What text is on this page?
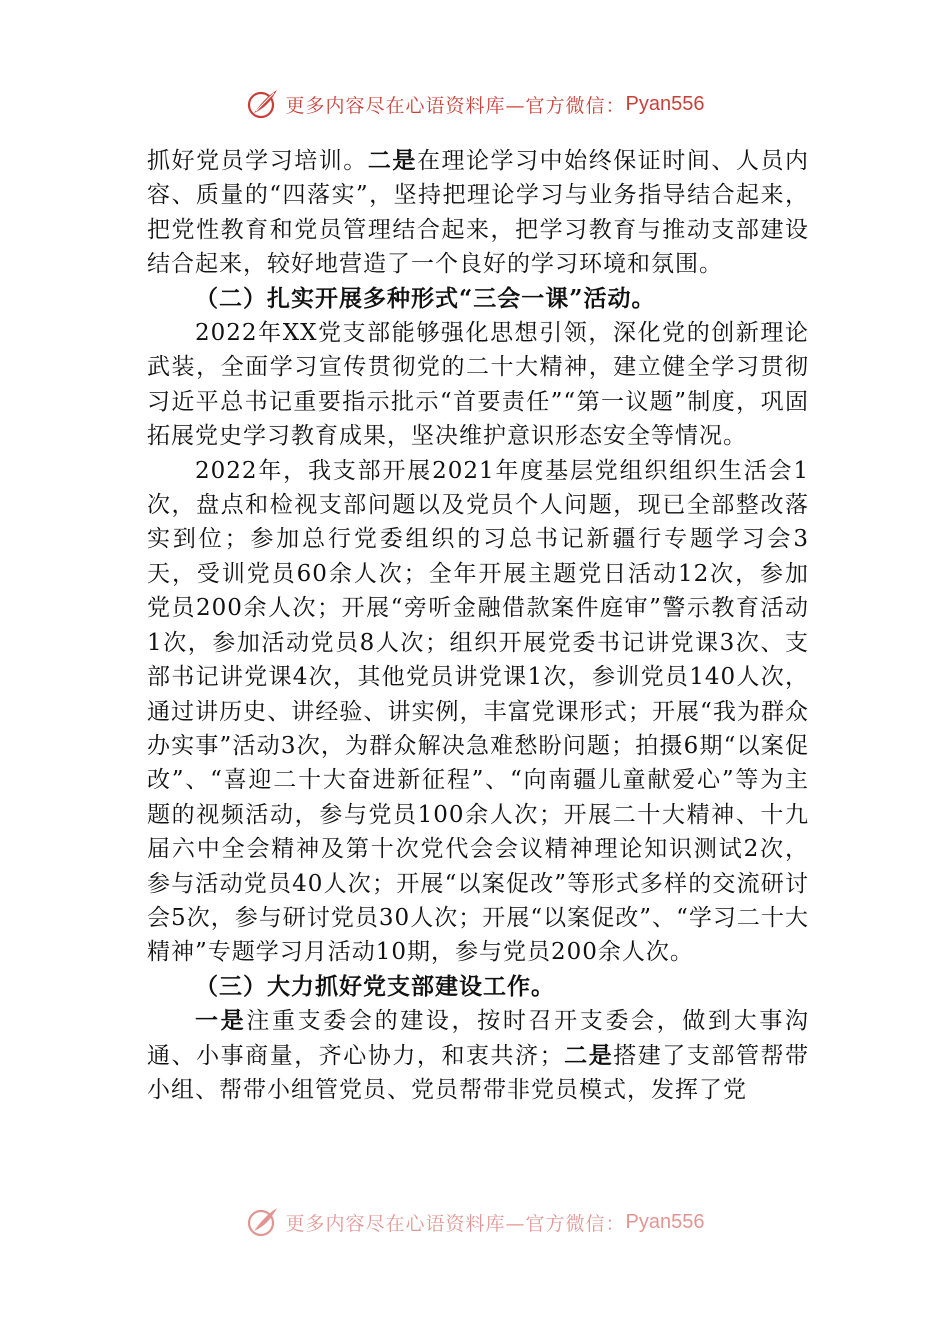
更多内容尽在心语资料库—官方微信： Pyan556

抓好党员学习培训。二是在理论学习中始终保证时间、人员内容、质量的“四落实”，坚持把理论学习与业务指导结合起来，把党性教育和党员管理结合起来，把学习教育与推动支部建设结合起来，较好地营造了一个良好的学习环境和氛围。

（二）扎实开展多种形式“三会一课”活动。

2022年XX党支部能够强化思想引领，深化党的创新理论武装，全面学习宣传贯彻党的二十大精神，建立健全学习贯彻习近平总书记重要指示批示“首要责任”“第一议题”制度，巩固拓展党史学习教育成果，坚决维护意识形态安全等情况。

2022年，我支部开展2021年度基层党组织组织生活会1次，盘点和检视支部问题以及党员个人问题，现已全部整改落实到位；参加总行党委组织的习总书记新疆行专题学习会3天，受训党员60余人次；全年开展主题党日活动12次，参加党员200余人次；开展“旁听金融借款案件庭审”警示教育活动1次，参加活动党员8人次；组织开展党委书记讲党课3次、支部书记讲党课4次，其他党员讲党课1次，参训党员140人次，通过讲历史、讲经验、讲实例，丰富党课形式；开展“我为群众办实事”活动3次，为群众解决急难愁盼问题；拍摄6期“以案促改”、“喜迎二十大奋进新征程”、“向南疆儿童献爱心”等为主题的视频活动，参与党员100余人次；开展二十大精神、十九届六中全会精神及第十次党代会会议精神理论知识测试2次，参与活动党员40人次；开展“以案促改”等形式多样的交流研讨会5次，参与研讨党员30人次；开展“以案促改”、“学习二十大精神”专题学习月活动10期，参与党员200余人次。

（三）大力抓好党支部建设工作。

一是注重支委会的建设，按时召开支委会，做到大事沟通、小事商量，齐心协力，和衷共济；二是搭建了支部管帮带小组、帮带小组管党员、党员帮带非党员模式，发挥了党

更多内容尽在心语资料库—官方微信： Pyan556
